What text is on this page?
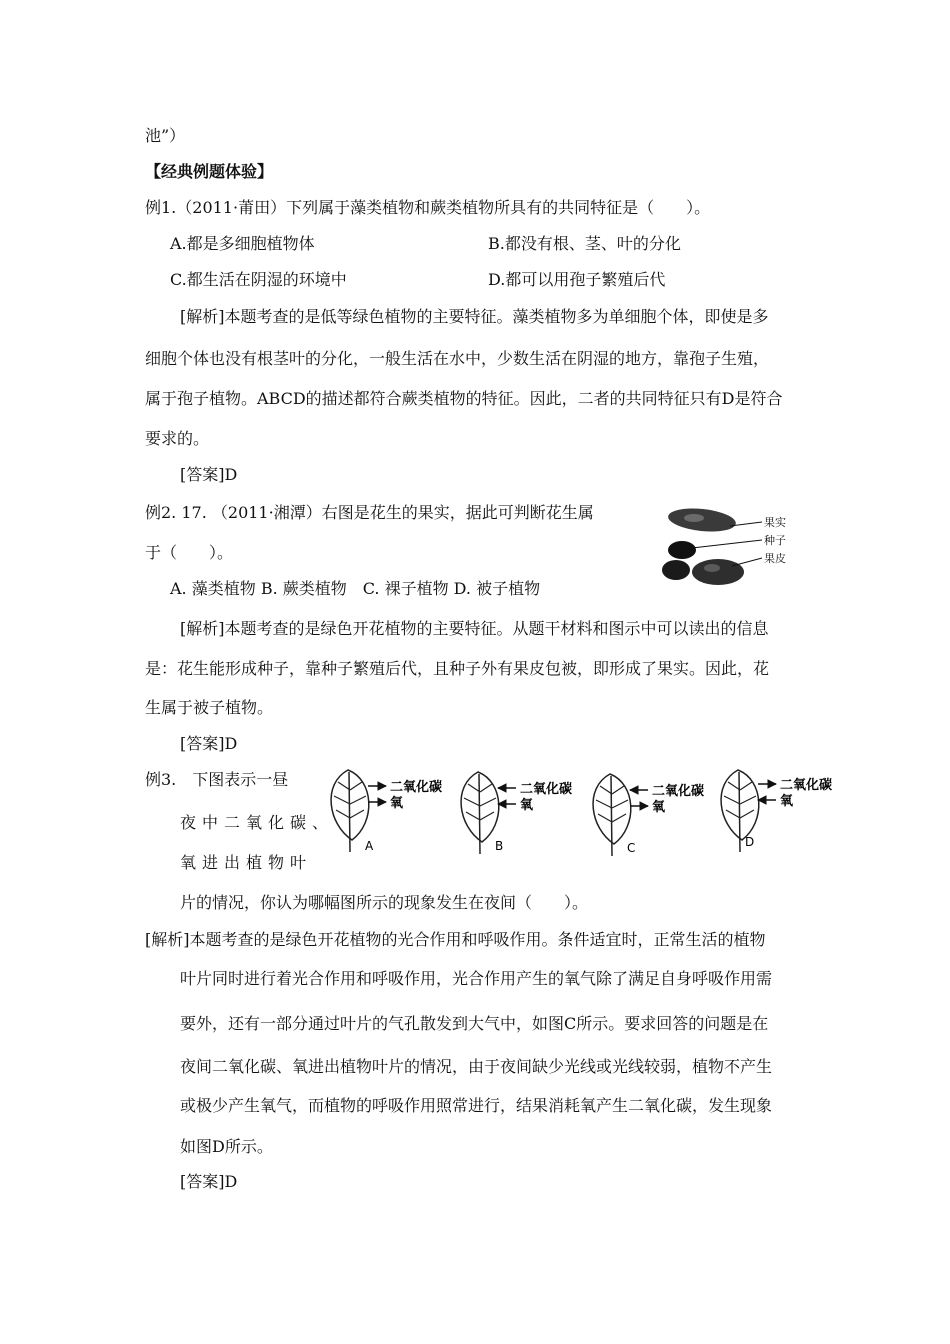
池”）
【经典例题体验】
例1.（2011·莆田）下列属于藻类植物和蕨类植物所具有的共同特征是（　　）。
A.都是多细胞植物体	B.都没有根、茎、叶的分化
C.都生活在阴湿的环境中	D.都可以用孢子繁殖后代
[解析]本题考查的是低等绿色植物的主要特征。藻类植物多为单细胞个体，即使是多
细胞个体也没有根茎叶的分化，一般生活在水中，少数生活在阴湿的地方，靠孢子生殖，
属于孢子植物。ABCD的描述都符合蕨类植物的特征。因此，二者的共同特征只有D是符合
要求的。
[答案]D
例2. 17. （2011·湘潭）右图是花生的果实，据此可判断花生属
于（　　）。
A. 藻类植物 B. 蕨类植物　C. 裸子植物 D. 被子植物
果实
种子
果皮
[解析]本题考查的是绿色开花植物的主要特征。从题干材料和图示中可以读出的信息
是：花生能形成种子，靠种子繁殖后代，且种子外有果皮包被，即形成了果实。因此，花
生属于被子植物。
[答案]D
例3.　下图表示一昼
夜中二氧化碳、
氧进出植物叶
二氧化碳
氧
A
二氧化碳
氧
B
二氧化碳
氧
C
二氧化碳
氧
D
片的情况，你认为哪幅图所示的现象发生在夜间（　　）。
[解析]本题考查的是绿色开花植物的光合作用和呼吸作用。条件适宜时，正常生活的植物
叶片同时进行着光合作用和呼吸作用，光合作用产生的氧气除了满足自身呼吸作用需
要外，还有一部分通过叶片的气孔散发到大气中，如图C所示。要求回答的问题是在
夜间二氧化碳、氧进出植物叶片的情况，由于夜间缺少光线或光线较弱，植物不产生
或极少产生氧气，而植物的呼吸作用照常进行，结果消耗氧产生二氧化碳，发生现象
如图D所示。
[答案]D
